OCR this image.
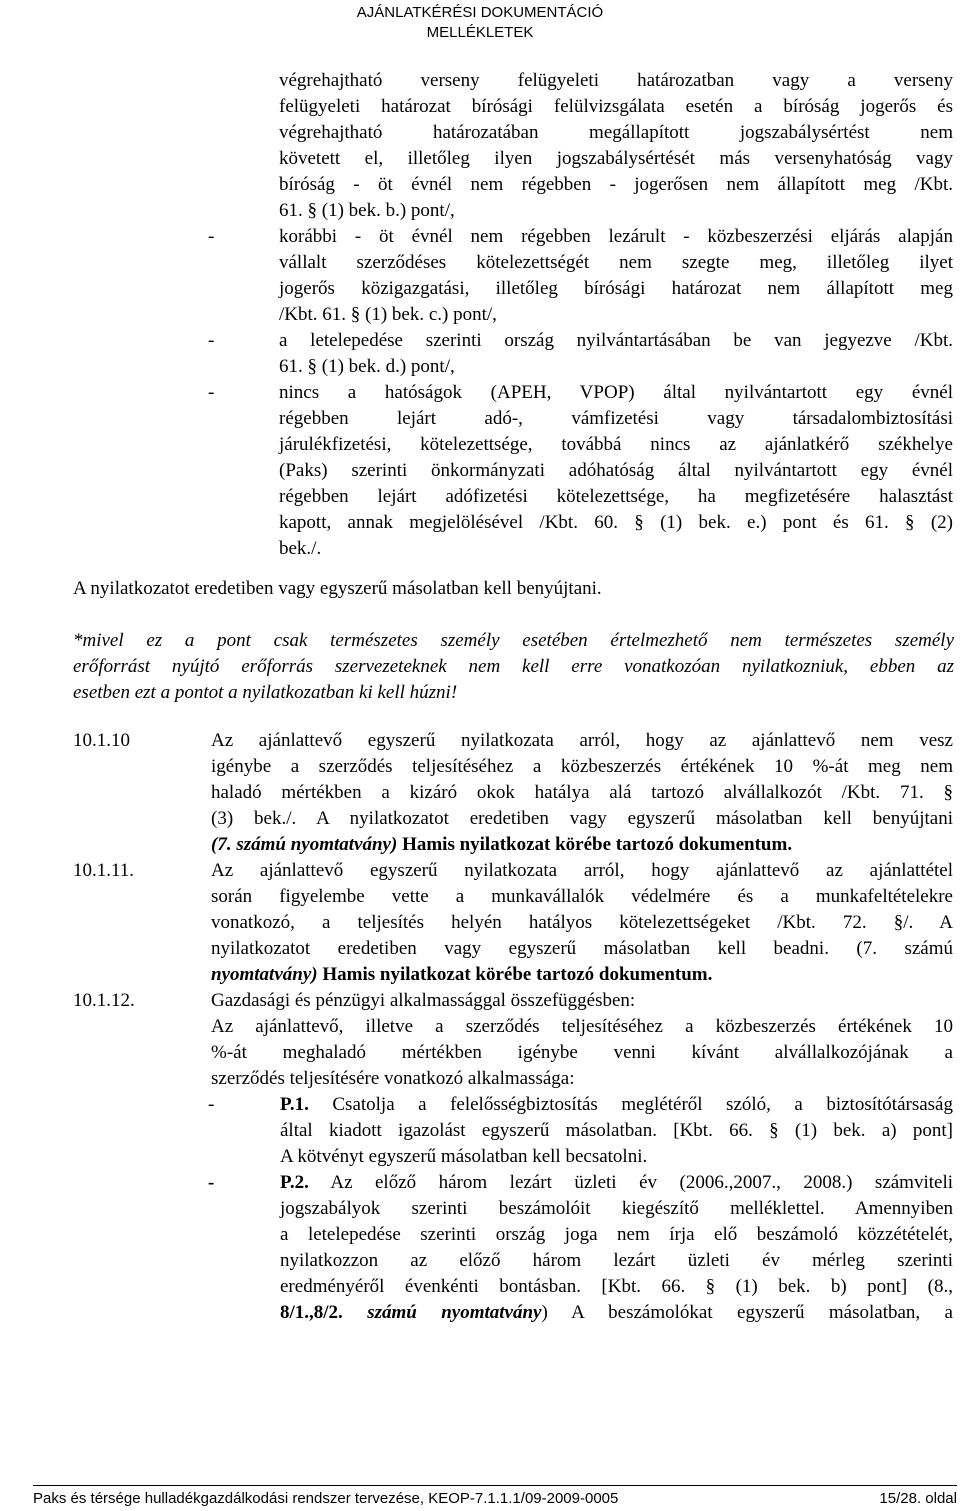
AJÁNLATKÉRÉSI DOKUMENTÁCIÓ
MELLÉKLETEK
végrehajtható verseny felügyeleti határozatban vagy a verseny
felügyeleti határozat bírósági felülvizsgálata esetén a bíróság jogerős és
végrehajtható határozatában megállapított jogszabálysértést nem
követett el, illetőleg ilyen jogszabálysértését más versenyhatóság vagy
bíróság - öt évnél nem régebben - jogerősen nem állapított meg /Kbt.
61. § (1) bek. b.) pont/,
-	korábbi - öt évnél nem régebben lezárult - közbeszerzési eljárás alapján
vállalt szerződéses kötelezettségét nem szegte meg, illetőleg ilyet
jogerős közigazgatási, illetőleg bírósági határozat nem állapított meg
/Kbt. 61. § (1) bek. c.) pont/,
-	a letelepedése szerinti ország nyilvántartásában be van jegyezve /Kbt.
61. § (1) bek. d.) pont/,
-	nincs a hatóságok (APEH, VPOP) által nyilvántartott egy évnél
régebben lejárt adó-, vámfizetési vagy társadalombiztosítási
járulékfizetési, kötelezettsége, továbbá nincs az ajánlatkérő székhelye
(Paks) szerinti önkormányzati adóhatóság által nyilvántartott egy évnél
régebben lejárt adófizetési kötelezettsége, ha megfizetésére halasztást
kapott, annak megjelölésével /Kbt. 60. § (1) bek. e.) pont és 61. § (2)
bek./.

A nyilatkozatot eredetiben vagy egyszerű másolatban kell benyújtani.

*mivel ez a pont csak természetes személy esetében értelmezhető nem természetes személy

erőforrást nyújtó erőforrás szervezeteknek nem kell erre vonatkozóan nyilatkozniuk, ebben az

esetben ezt a pontot a nyilatkozatban ki kell húzni!

10.1.10	Az ajánlattevő egyszerű nyilatkozata arról, hogy az ajánlattevő nem vesz
igénybe a szerződés teljesítéséhez a közbeszerzés értékének 10 %-át meg nem
haladó mértékben a kizáró okok hatálya alá tartozó alvállalkozót /Kbt. 71. §
(3) bek./. A nyilatkozatot eredetiben vagy egyszerű másolatban kell benyújtani
(7. számú nyomtatvány) Hamis nyilatkozat körébe tartozó dokumentum.
10.1.11.	Az ajánlattevő egyszerű nyilatkozata arról, hogy ajánlattevő az ajánlattétel
során figyelembe vette a munkavállalók védelmére és a munkafeltételekre
vonatkozó, a teljesítés helyén hatályos kötelezettségeket /Kbt. 72. §/. A
nyilatkozatot eredetiben vagy egyszerű másolatban kell beadni. (7. számú
nyomtatvány) Hamis nyilatkozat körébe tartozó dokumentum.
10.1.12.	Gazdasági és pénzügyi alkalmassággal összefüggésben:
Az ajánlattevő, illetve a szerződés teljesítéséhez a közbeszerzés értékének 10
%-át meghaladó mértékben igénybe venni kívánt alvállalkozójának a
szerződés teljesítésére vonatkozó alkalmassága:
-	P.1. Csatolja a felelősségbiztosítás meglétéről szóló, a biztosítótársaság
által kiadott igazolást egyszerű másolatban. [Kbt. 66. § (1) bek. a) pont]
A kötvényt egyszerű másolatban kell becsatolni.
-	P.2. Az előző három lezárt üzleti év (2006.,2007., 2008.) számviteli
jogszabályok szerinti beszámolóit kiegészítő melléklettel. Amennyiben
a letelepedése szerinti ország joga nem írja elő beszámoló közzétételét,
nyilatkozzon az előző három lezárt üzleti év mérleg szerinti
eredményéről évenkénti bontásban. [Kbt. 66. § (1) bek. b) pont] (8.,
8/1.,8/2. számú nyomtatvány) A beszámolókat egyszerű másolatban, a
Paks és térsége hulladékgazdálkodási rendszer tervezése, KEOP-7.1.1.1/09-2009-0005	15/28. oldal
